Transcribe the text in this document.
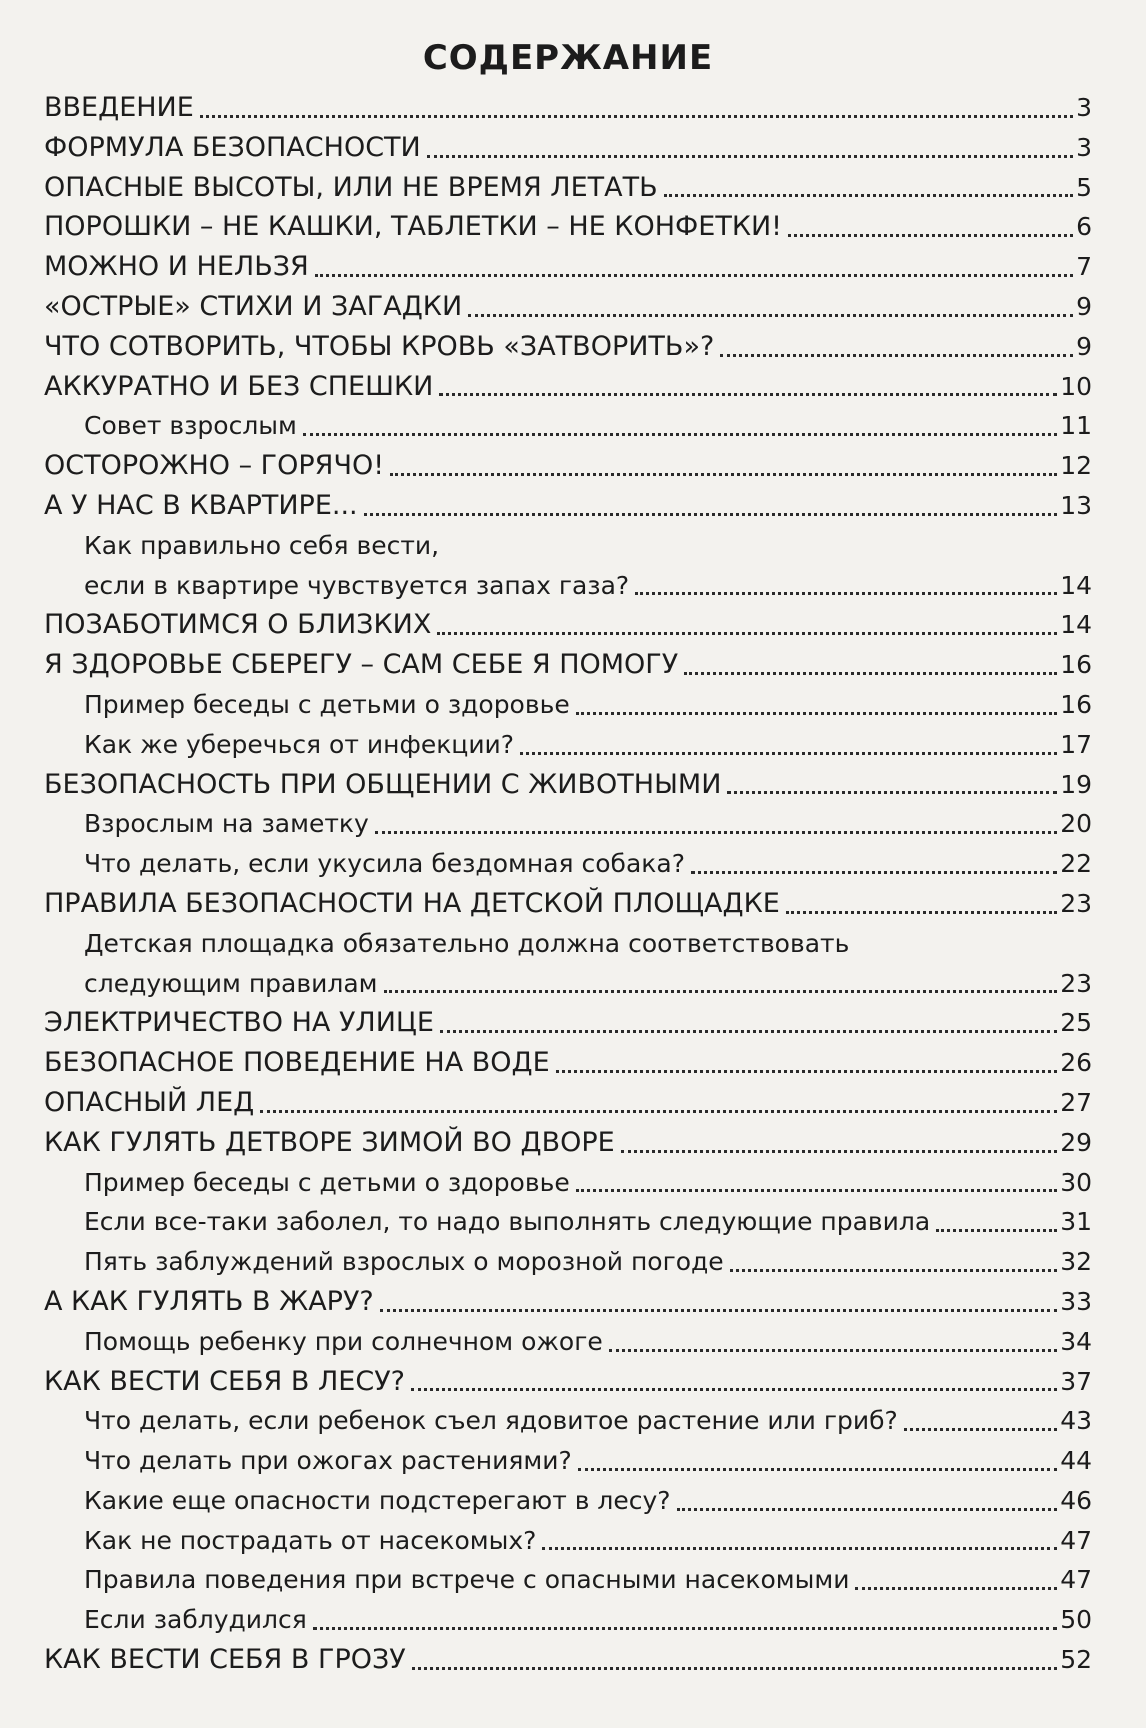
СОДЕРЖАНИЕ
ВВЕДЕНИЕ	3
ФОРМУЛА БЕЗОПАСНОСТИ	3
ОПАСНЫЕ ВЫСОТЫ, ИЛИ НЕ ВРЕМЯ ЛЕТАТЬ	5
ПОРОШКИ – НЕ КАШКИ, ТАБЛЕТКИ – НЕ КОНФЕТКИ!	6
МОЖНО И НЕЛЬЗЯ	7
«ОСТРЫЕ» СТИХИ И ЗАГАДКИ	9
ЧТО СОТВОРИТЬ, ЧТОБЫ КРОВЬ «ЗАТВОРИТЬ»?	9
АККУРАТНО И БЕЗ СПЕШКИ	10
Совет взрослым	11
ОСТОРОЖНО – ГОРЯЧО!	12
А У НАС В КВАРТИРЕ...	13
Как правильно себя вести,
если в квартире чувствуется запах газа?	14
ПОЗАБОТИМСЯ О БЛИЗКИХ	14
Я ЗДОРОВЬЕ СБЕРЕГУ – САМ СЕБЕ Я ПОМОГУ	16
Пример беседы с детьми о здоровье	16
Как же уберечься от инфекции?	17
БЕЗОПАСНОСТЬ ПРИ ОБЩЕНИИ С ЖИВОТНЫМИ	19
Взрослым на заметку	20
Что делать, если укусила бездомная собака?	22
ПРАВИЛА БЕЗОПАСНОСТИ НА ДЕТСКОЙ ПЛОЩАДКЕ	23
Детская площадка обязательно должна соответствовать
следующим правилам	23
ЭЛЕКТРИЧЕСТВО НА УЛИЦЕ	25
БЕЗОПАСНОЕ ПОВЕДЕНИЕ НА ВОДЕ	26
ОПАСНЫЙ ЛЕД	27
КАК ГУЛЯТЬ ДЕТВОРЕ ЗИМОЙ ВО ДВОРЕ	29
Пример беседы с детьми о здоровье	30
Если все-таки заболел, то надо выполнять следующие правила	31
Пять заблуждений взрослых о морозной погоде	32
А КАК ГУЛЯТЬ В ЖАРУ?	33
Помощь ребенку при солнечном ожоге	34
КАК ВЕСТИ СЕБЯ В ЛЕСУ?	37
Что делать, если ребенок съел ядовитое растение или гриб?	43
Что делать при ожогах растениями?	44
Какие еще опасности подстерегают в лесу?	46
Как не пострадать от насекомых?	47
Правила поведения при встрече с опасными насекомыми	47
Если заблудился	50
КАК ВЕСТИ СЕБЯ В ГРОЗУ	52
